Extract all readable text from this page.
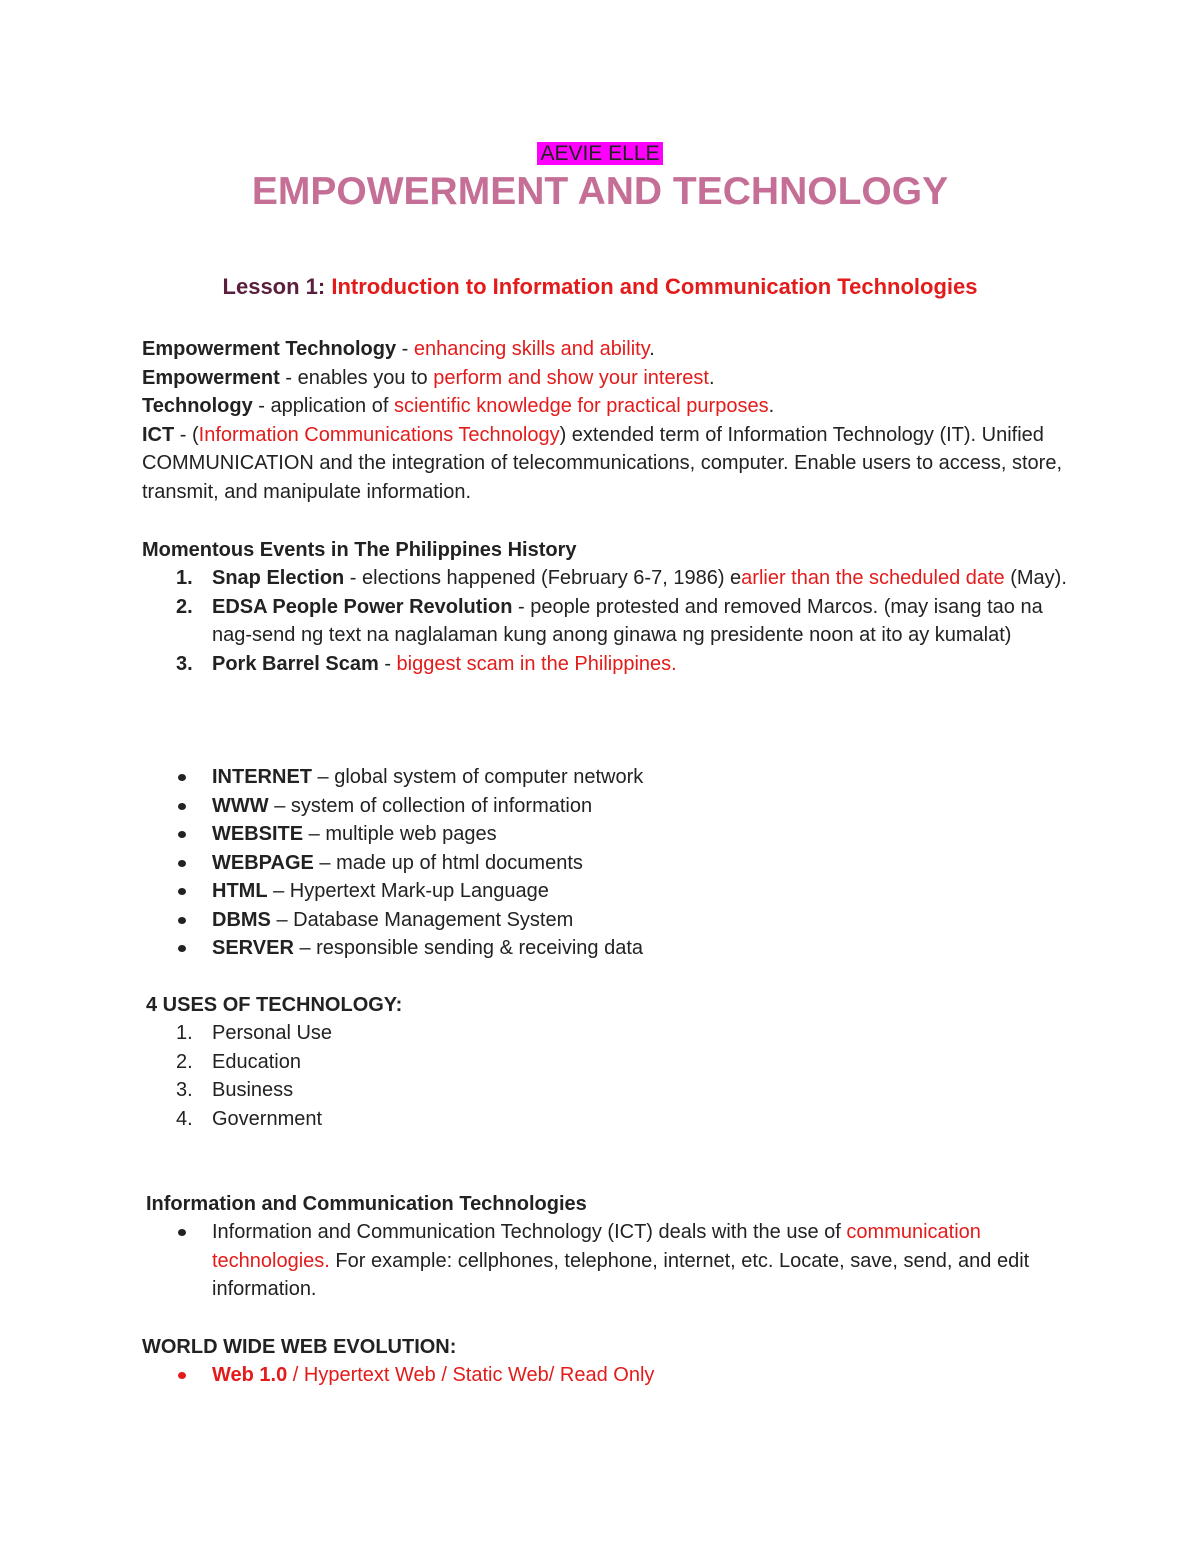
AEVIE ELLE
EMPOWERMENT AND TECHNOLOGY
Lesson 1: Introduction to Information and Communication Technologies
Empowerment Technology - enhancing skills and ability.
Empowerment - enables you to perform and show your interest.
Technology - application of scientific knowledge for practical purposes.
ICT - (Information Communications Technology) extended term of Information Technology (IT). Unified COMMUNICATION and the integration of telecommunications, computer. Enable users to access, store, transmit, and manipulate information.
Momentous Events in The Philippines History
1. Snap Election - elections happened (February 6-7, 1986) earlier than the scheduled date (May).
2. EDSA People Power Revolution - people protested and removed Marcos. (may isang tao na nag-send ng text na naglalaman kung anong ginawa ng presidente noon at ito ay kumalat)
3. Pork Barrel Scam - biggest scam in the Philippines.
INTERNET – global system of computer network
WWW – system of collection of information
WEBSITE – multiple web pages
WEBPAGE – made up of html documents
HTML – Hypertext Mark-up Language
DBMS – Database Management System
SERVER – responsible sending & receiving data
4 USES OF TECHNOLOGY:
1. Personal Use
2. Education
3. Business
4. Government
Information and Communication Technologies
Information and Communication Technology (ICT) deals with the use of communication technologies. For example: cellphones, telephone, internet, etc. Locate, save, send, and edit information.
WORLD WIDE WEB EVOLUTION:
Web 1.0 / Hypertext Web / Static Web/ Read Only
